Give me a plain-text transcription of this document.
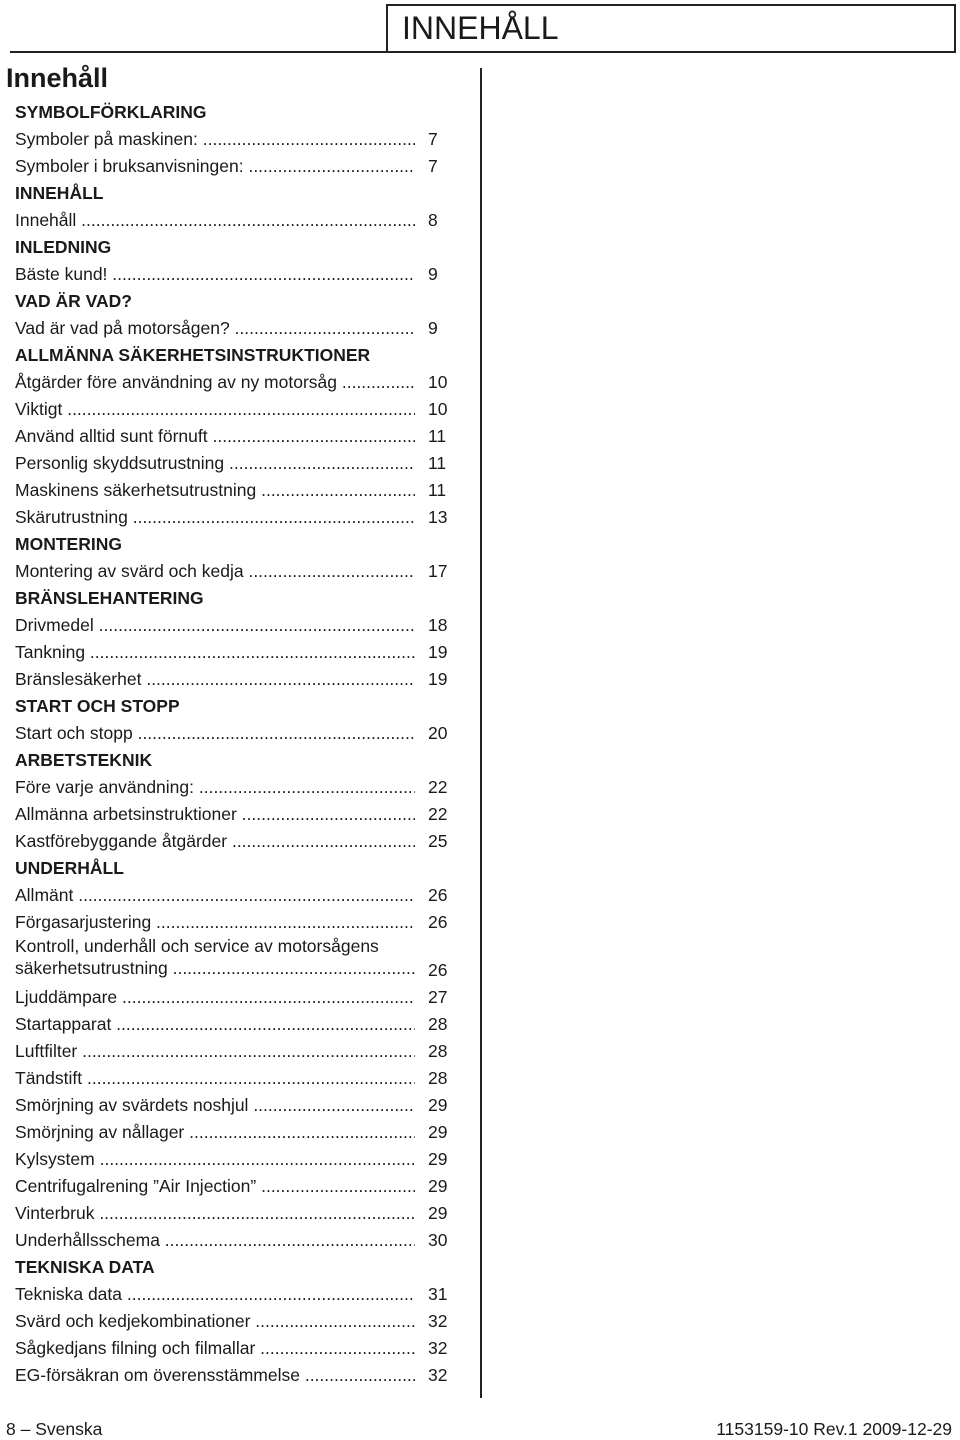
INNEHÅLL
Innehåll
SYMBOLFÖRKLARING
Symboler på maskinen: .....	7
Symboler i bruksanvisningen: .....	7
INNEHÅLL
Innehåll .....	8
INLEDNING
Bäste kund! .....	9
VAD ÄR VAD?
Vad är vad på motorsågen? .....	9
ALLMÄNNA SÄKERHETSINSTRUKTIONER
Åtgärder före användning av ny motorsåg .....	10
Viktigt .....	10
Använd alltid sunt förnuft .....	11
Personlig skyddsutrustning .....	11
Maskinens säkerhetsutrustning .....	11
Skärutrustning .....	13
MONTERING
Montering av svärd och kedja .....	17
BRÄNSLEHANTERING
Drivmedel .....	18
Tankning .....	19
Bränslesäkerhet .....	19
START OCH STOPP
Start och stopp .....	20
ARBETSTEKNIK
Före varje användning: .....	22
Allmänna arbetsinstruktioner .....	22
Kastförebyggande åtgärder .....	25
UNDERHÅLL
Allmänt .....	26
Förgasarjustering .....	26
Kontroll, underhåll och service av motorsågens
säkerhetsutrustning .....	26
Ljuddämpare .....	27
Startapparat .....	28
Luftfilter .....	28
Tändstift .....	28
Smörjning av svärdets noshjul .....	29
Smörjning av nållager .....	29
Kylsystem .....	29
Centrifugalrening ”Air Injection” .....	29
Vinterbruk .....	29
Underhållsschema .....	30
TEKNISKA DATA
Tekniska data .....	31
Svärd och kedjekombinationer .....	32
Sågkedjans filning och filmallar .....	32
EG-försäkran om överensstämmelse .....	32
8 – Svenska	1153159-10 Rev.1 2009-12-29
